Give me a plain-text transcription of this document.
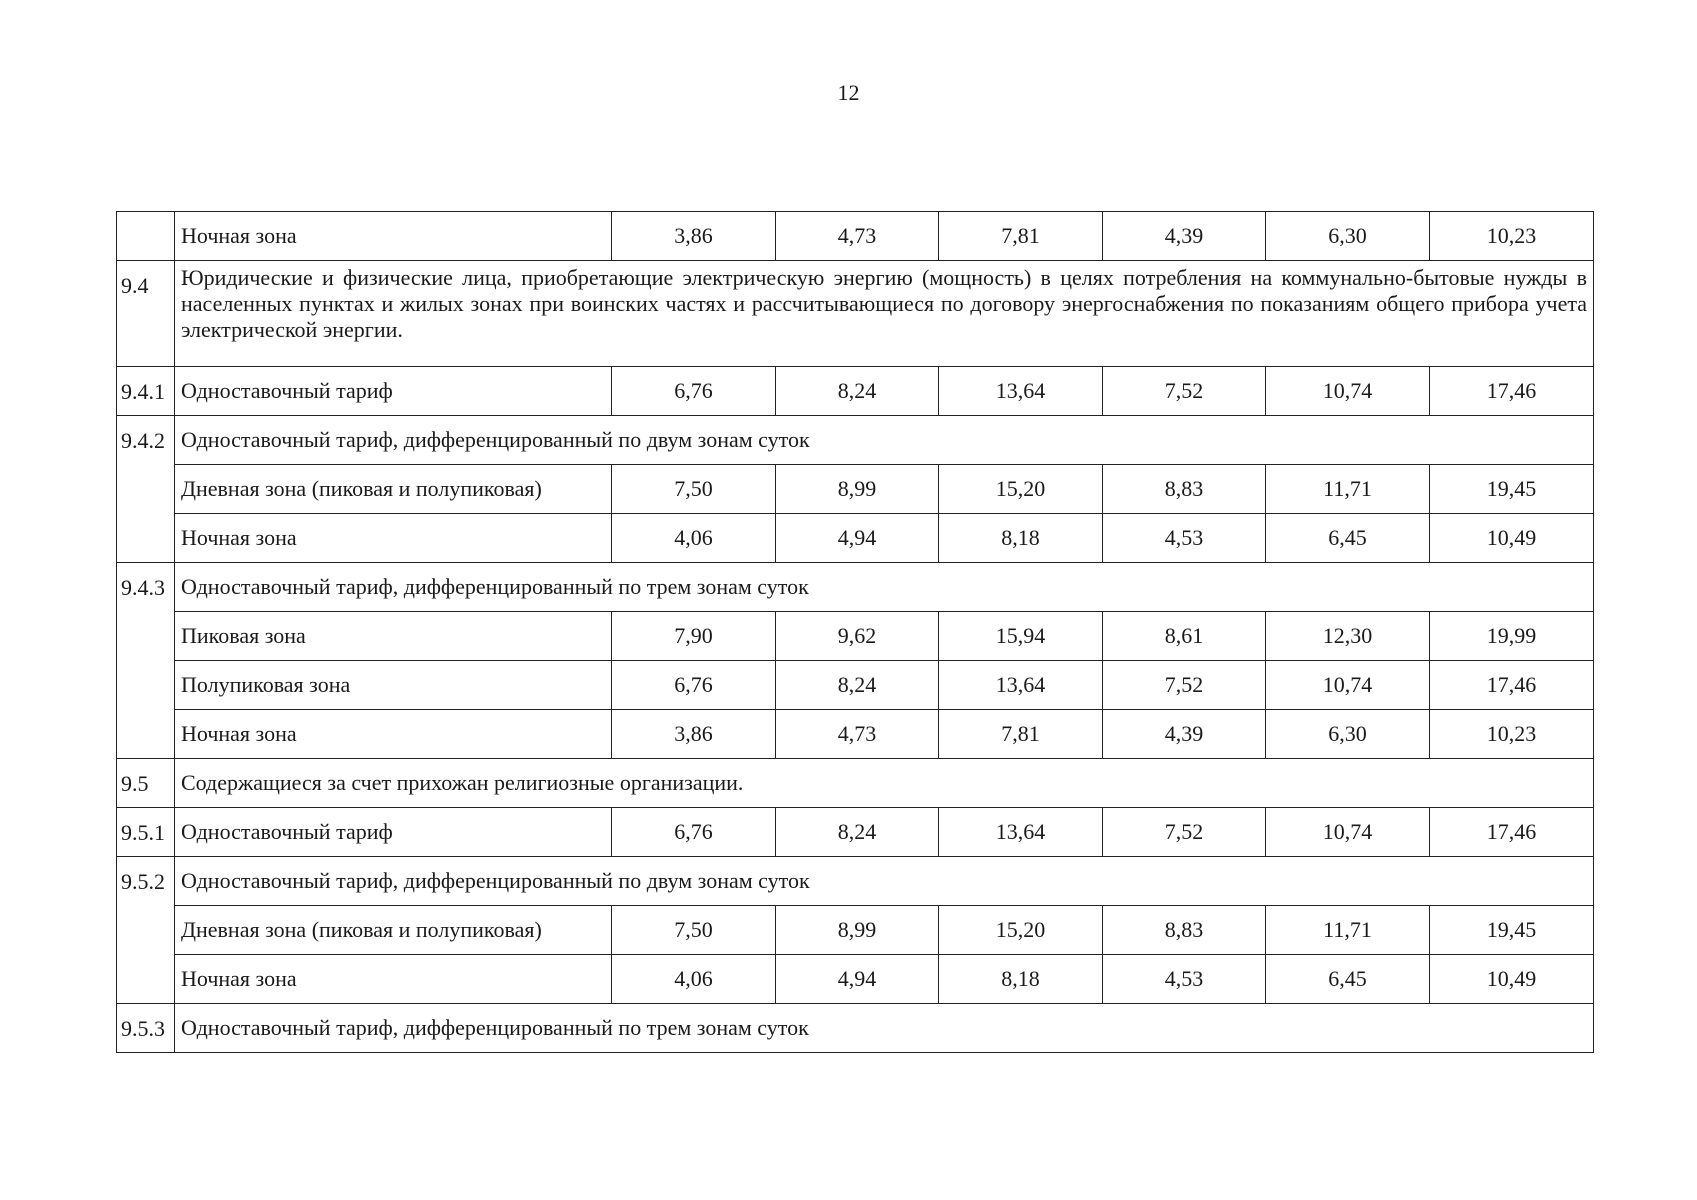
12
	Ночная зона	3,86	4,73	7,81	4,39	6,30	10,23
9.4	Юридические и физические лица, приобретающие электрическую энергию (мощность) в целях потребления на коммунально-бытовые нужды в населенных пунктах и жилых зонах при воинских частях и рассчитывающиеся по договору энергоснабжения по показаниям общего прибора учета электрической энергии.						
9.4.1	Одноставочный тариф	6,76	8,24	13,64	7,52	10,74	17,46
9.4.2	Одноставочный тариф, дифференцированный по двум зонам суток						
	Дневная зона (пиковая и полупиковая)	7,50	8,99	15,20	8,83	11,71	19,45
	Ночная зона	4,06	4,94	8,18	4,53	6,45	10,49
9.4.3	Одноставочный тариф, дифференцированный по трем зонам суток						
	Пиковая зона	7,90	9,62	15,94	8,61	12,30	19,99
	Полупиковая зона	6,76	8,24	13,64	7,52	10,74	17,46
	Ночная зона	3,86	4,73	7,81	4,39	6,30	10,23
9.5	Содержащиеся за счет прихожан религиозные организации.						
9.5.1	Одноставочный тариф	6,76	8,24	13,64	7,52	10,74	17,46
9.5.2	Одноставочный тариф, дифференцированный по двум зонам суток						
	Дневная зона (пиковая и полупиковая)	7,50	8,99	15,20	8,83	11,71	19,45
	Ночная зона	4,06	4,94	8,18	4,53	6,45	10,49
9.5.3	Одноставочный тариф, дифференцированный по трем зонам суток						
